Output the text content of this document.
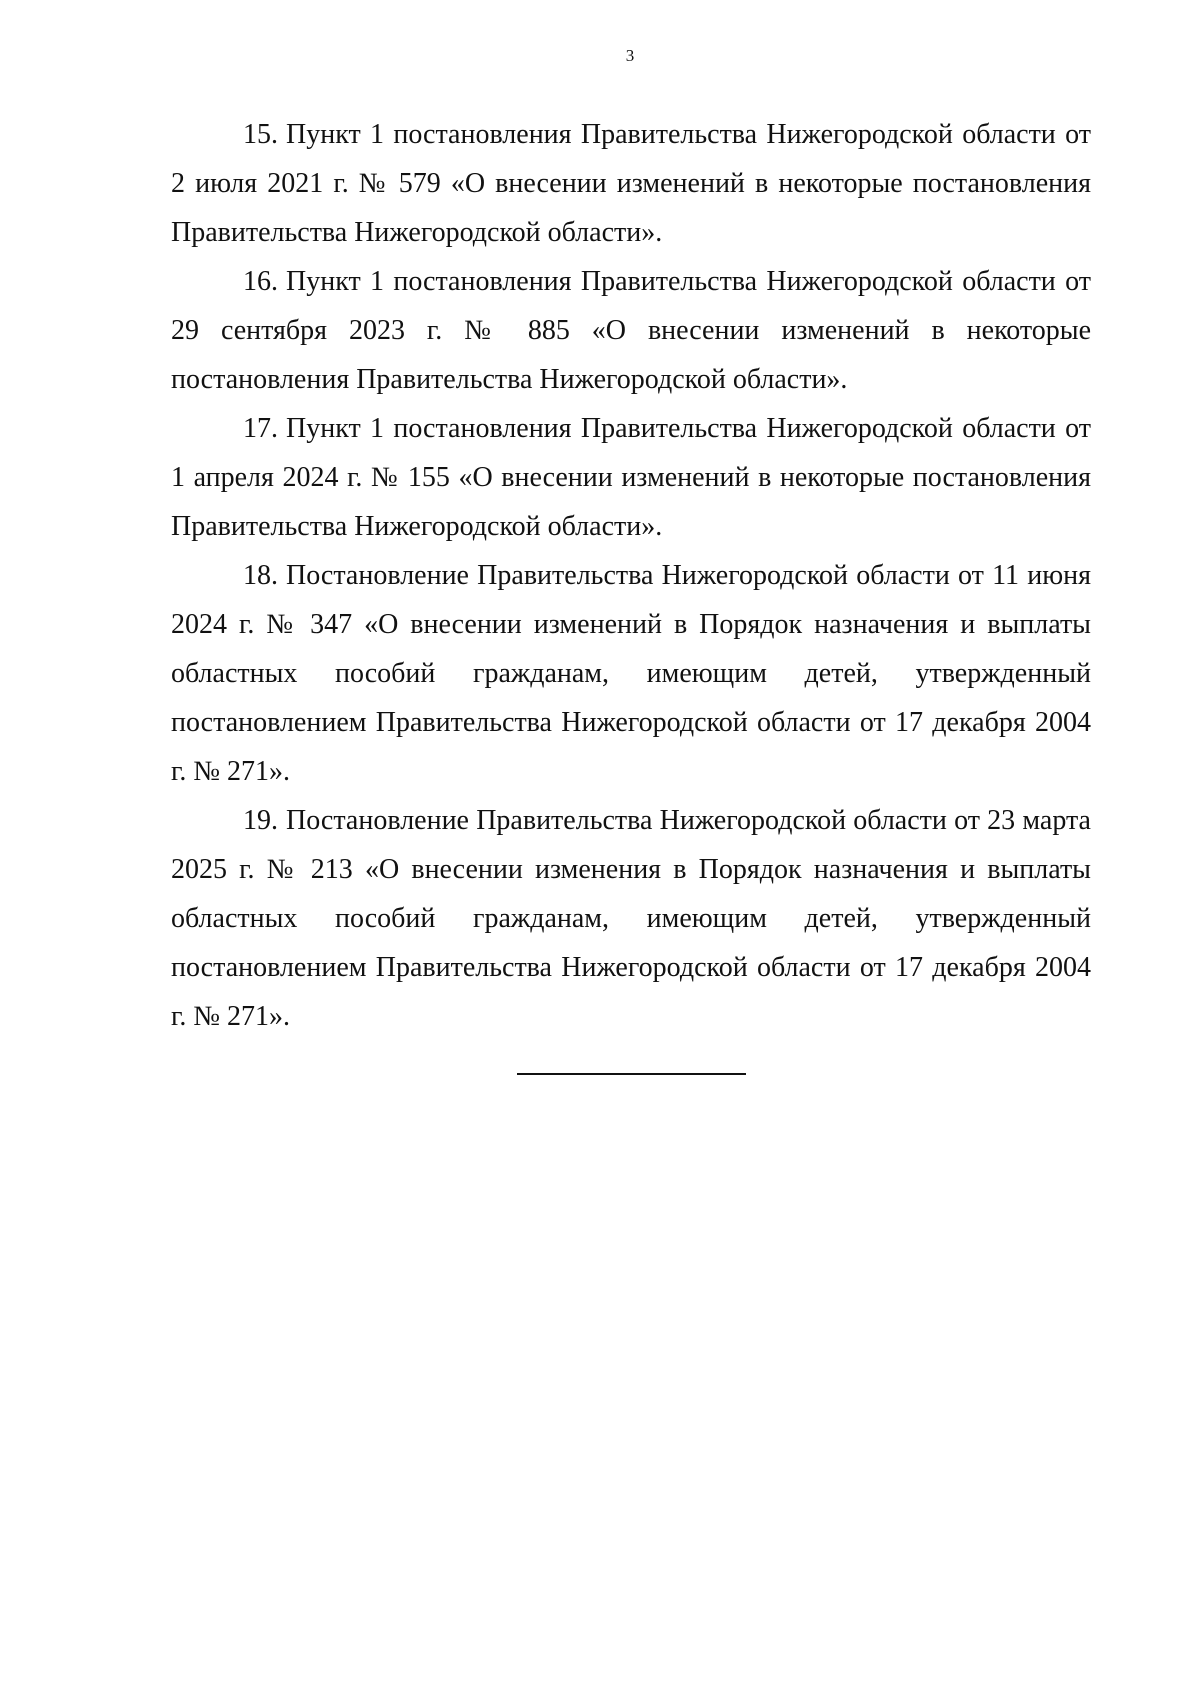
3

15. Пункт 1 постановления Правительства Нижегородской области от 2 июля 2021 г. № 579 «О внесении изменений в некоторые постановления Правительства Нижегородской области».

16. Пункт 1 постановления Правительства Нижегородской области от 29 сентября 2023 г. № 885 «О внесении изменений в некоторые постановления Правительства Нижегородской области».

17. Пункт 1 постановления Правительства Нижегородской области от 1 апреля 2024 г. № 155 «О внесении изменений в некоторые постановления Правительства Нижегородской области».

18. Постановление Правительства Нижегородской области от 11 июня 2024 г. № 347 «О внесении изменений в Порядок назначения и выплаты областных пособий гражданам, имеющим детей, утвержденный постановлением Правительства Нижегородской области от 17 декабря 2004 г. № 271».

19. Постановление Правительства Нижегородской области от 23 марта 2025 г. № 213 «О внесении изменения в Порядок назначения и выплаты областных пособий гражданам, имеющим детей, утвержденный постановлением Правительства Нижегородской области от 17 декабря 2004 г. № 271».
